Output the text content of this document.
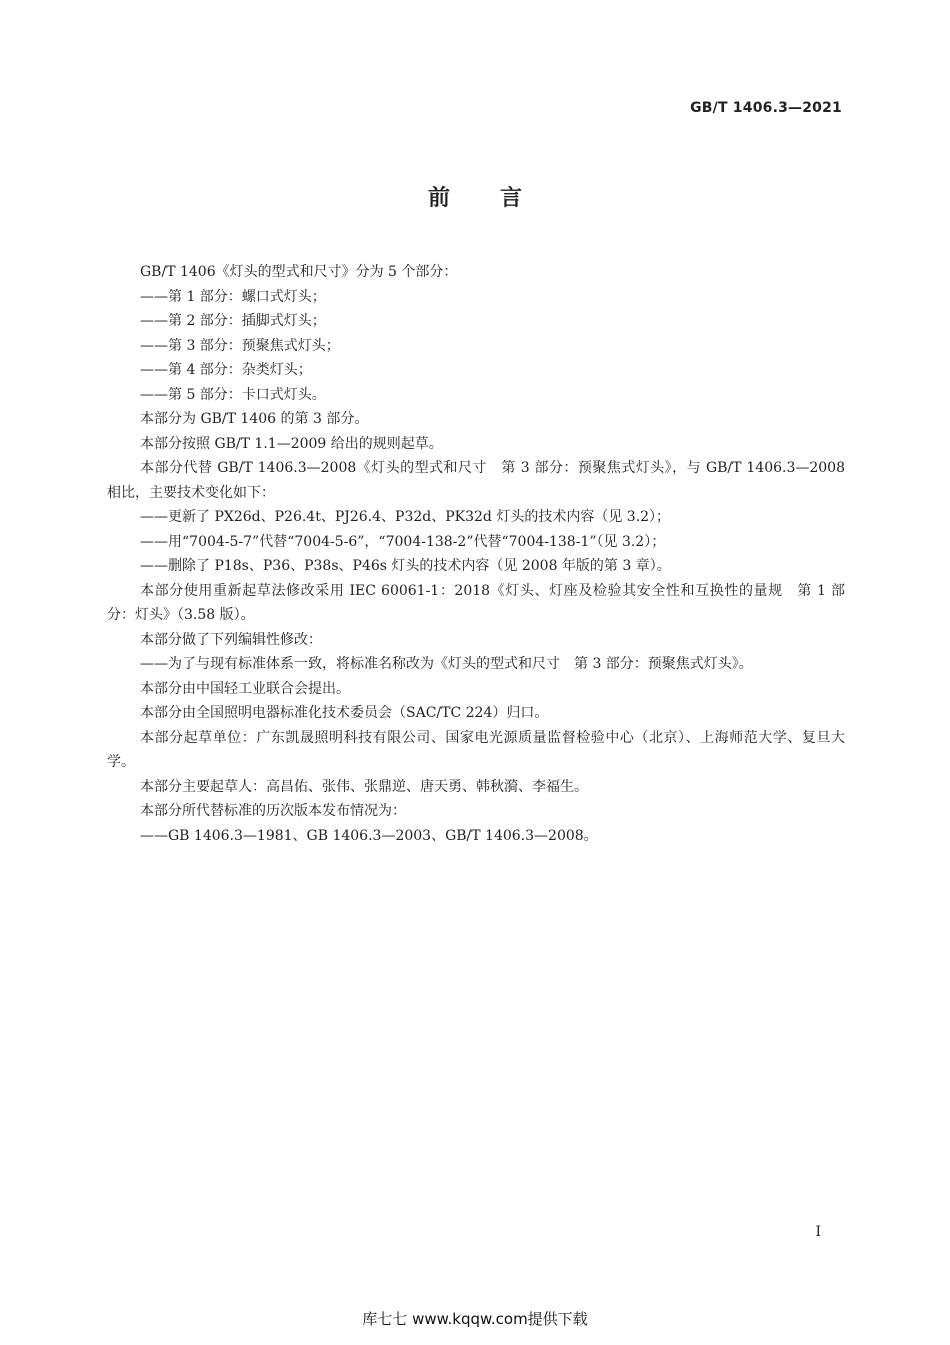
GB/T 1406.3—2021
前言

GB/T 1406《灯头的型式和尺寸》分为 5 个部分：

——第 1 部分：螺口式灯头；

——第 2 部分：插脚式灯头；

——第 3 部分：预聚焦式灯头；

——第 4 部分：杂类灯头；

——第 5 部分：卡口式灯头。

本部分为 GB/T 1406 的第 3 部分。

本部分按照 GB/T 1.1—2009 给出的规则起草。

本部分代替 GB/T 1406.3—2008《灯头的型式和尺寸　第 3 部分：预聚焦式灯头》，与 GB/T 1406.3—2008 相比，主要技术变化如下：

——更新了 PX26d、P26.4t、PJ26.4、P32d、PK32d 灯头的技术内容（见 3.2）；

——用“7004-5-7”代替“7004-5-6”，“7004-138-2”代替“7004-138-1”（见 3.2）；

——删除了 P18s、P36、P38s、P46s 灯头的技术内容（见 2008 年版的第 3 章）。

本部分使用重新起草法修改采用 IEC 60061-1：2018《灯头、灯座及检验其安全性和互换性的量规　第 1 部分：灯头》（3.58 版）。

本部分做了下列编辑性修改：

——为了与现有标准体系一致，将标准名称改为《灯头的型式和尺寸　第 3 部分：预聚焦式灯头》。

本部分由中国轻工业联合会提出。

本部分由全国照明电器标准化技术委员会（SAC/TC 224）归口。

本部分起草单位：广东凯晟照明科技有限公司、国家电光源质量监督检验中心（北京）、上海师范大学、复旦大学。

本部分主要起草人：高昌佑、张伟、张鼎逆、唐天勇、韩秋漪、李福生。

本部分所代替标准的历次版本发布情况为：

——GB 1406.3—1981、GB 1406.3—2003、GB/T 1406.3—2008。

I
库七七 www.kqqw.com提供下载
